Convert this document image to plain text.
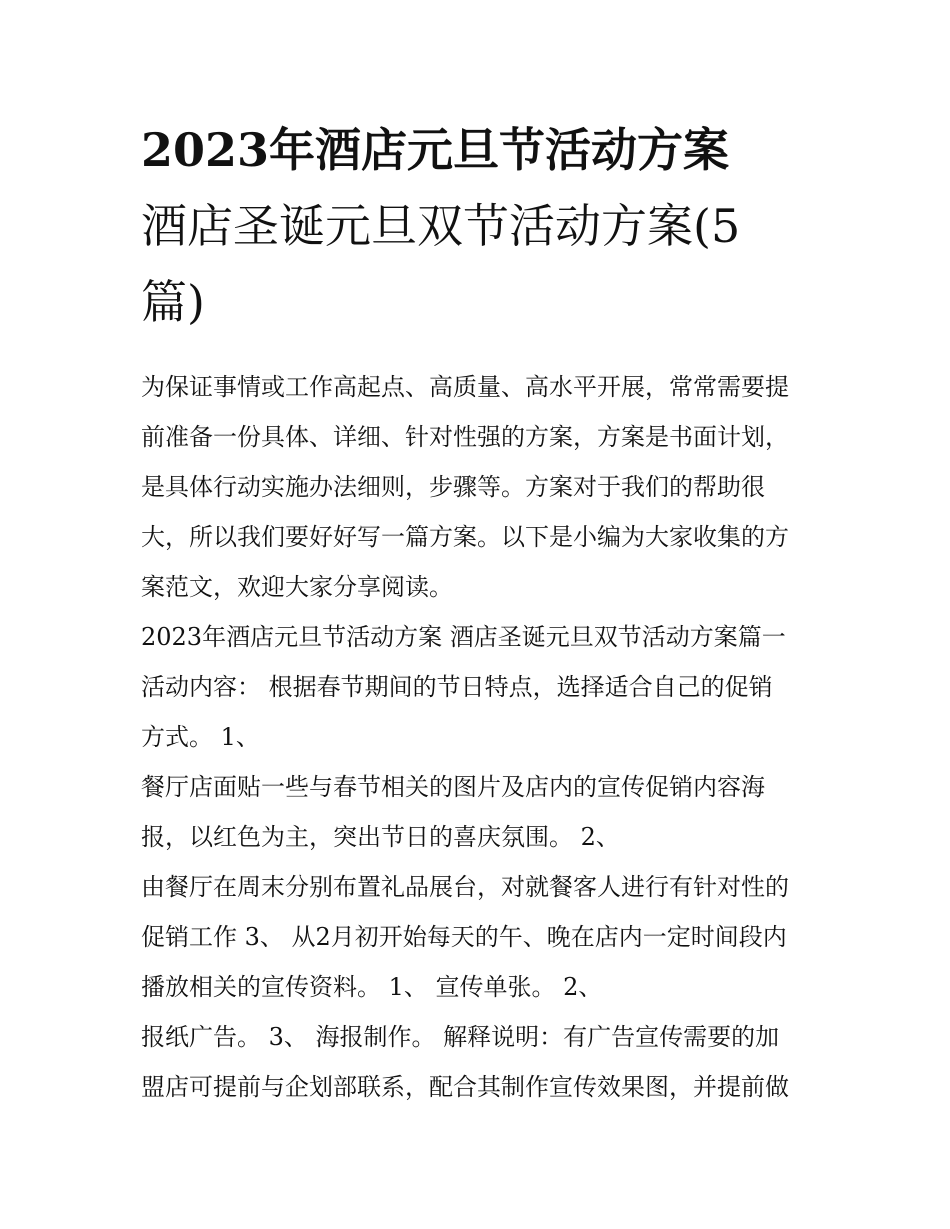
2023年酒店元旦节活动方案
酒店圣诞元旦双节活动方案(5
篇)

为保证事情或工作高起点、高质量、高水平开展，常常需要提
前准备一份具体、详细、针对性强的方案，方案是书面计划，
是具体行动实施办法细则，步骤等。方案对于我们的帮助很
大，所以我们要好好写一篇方案。以下是小编为大家收集的方
案范文，欢迎大家分享阅读。

2023年酒店元旦节活动方案 酒店圣诞元旦双节活动方案篇一
活动内容： 根据春节期间的节日特点，选择适合自己的促销
方式。 1、

餐厅店面贴一些与春节相关的图片及店内的宣传促销内容海
报，以红色为主，突出节日的喜庆氛围。 2、

由餐厅在周末分别布置礼品展台，对就餐客人进行有针对性的
促销工作 3、 从2月初开始每天的午、晚在店内一定时间段内
播放相关的宣传资料。 1、 宣传单张。 2、

报纸广告。 3、 海报制作。 解释说明：有广告宣传需要的加
盟店可提前与企划部联系，配合其制作宣传效果图，并提前做
